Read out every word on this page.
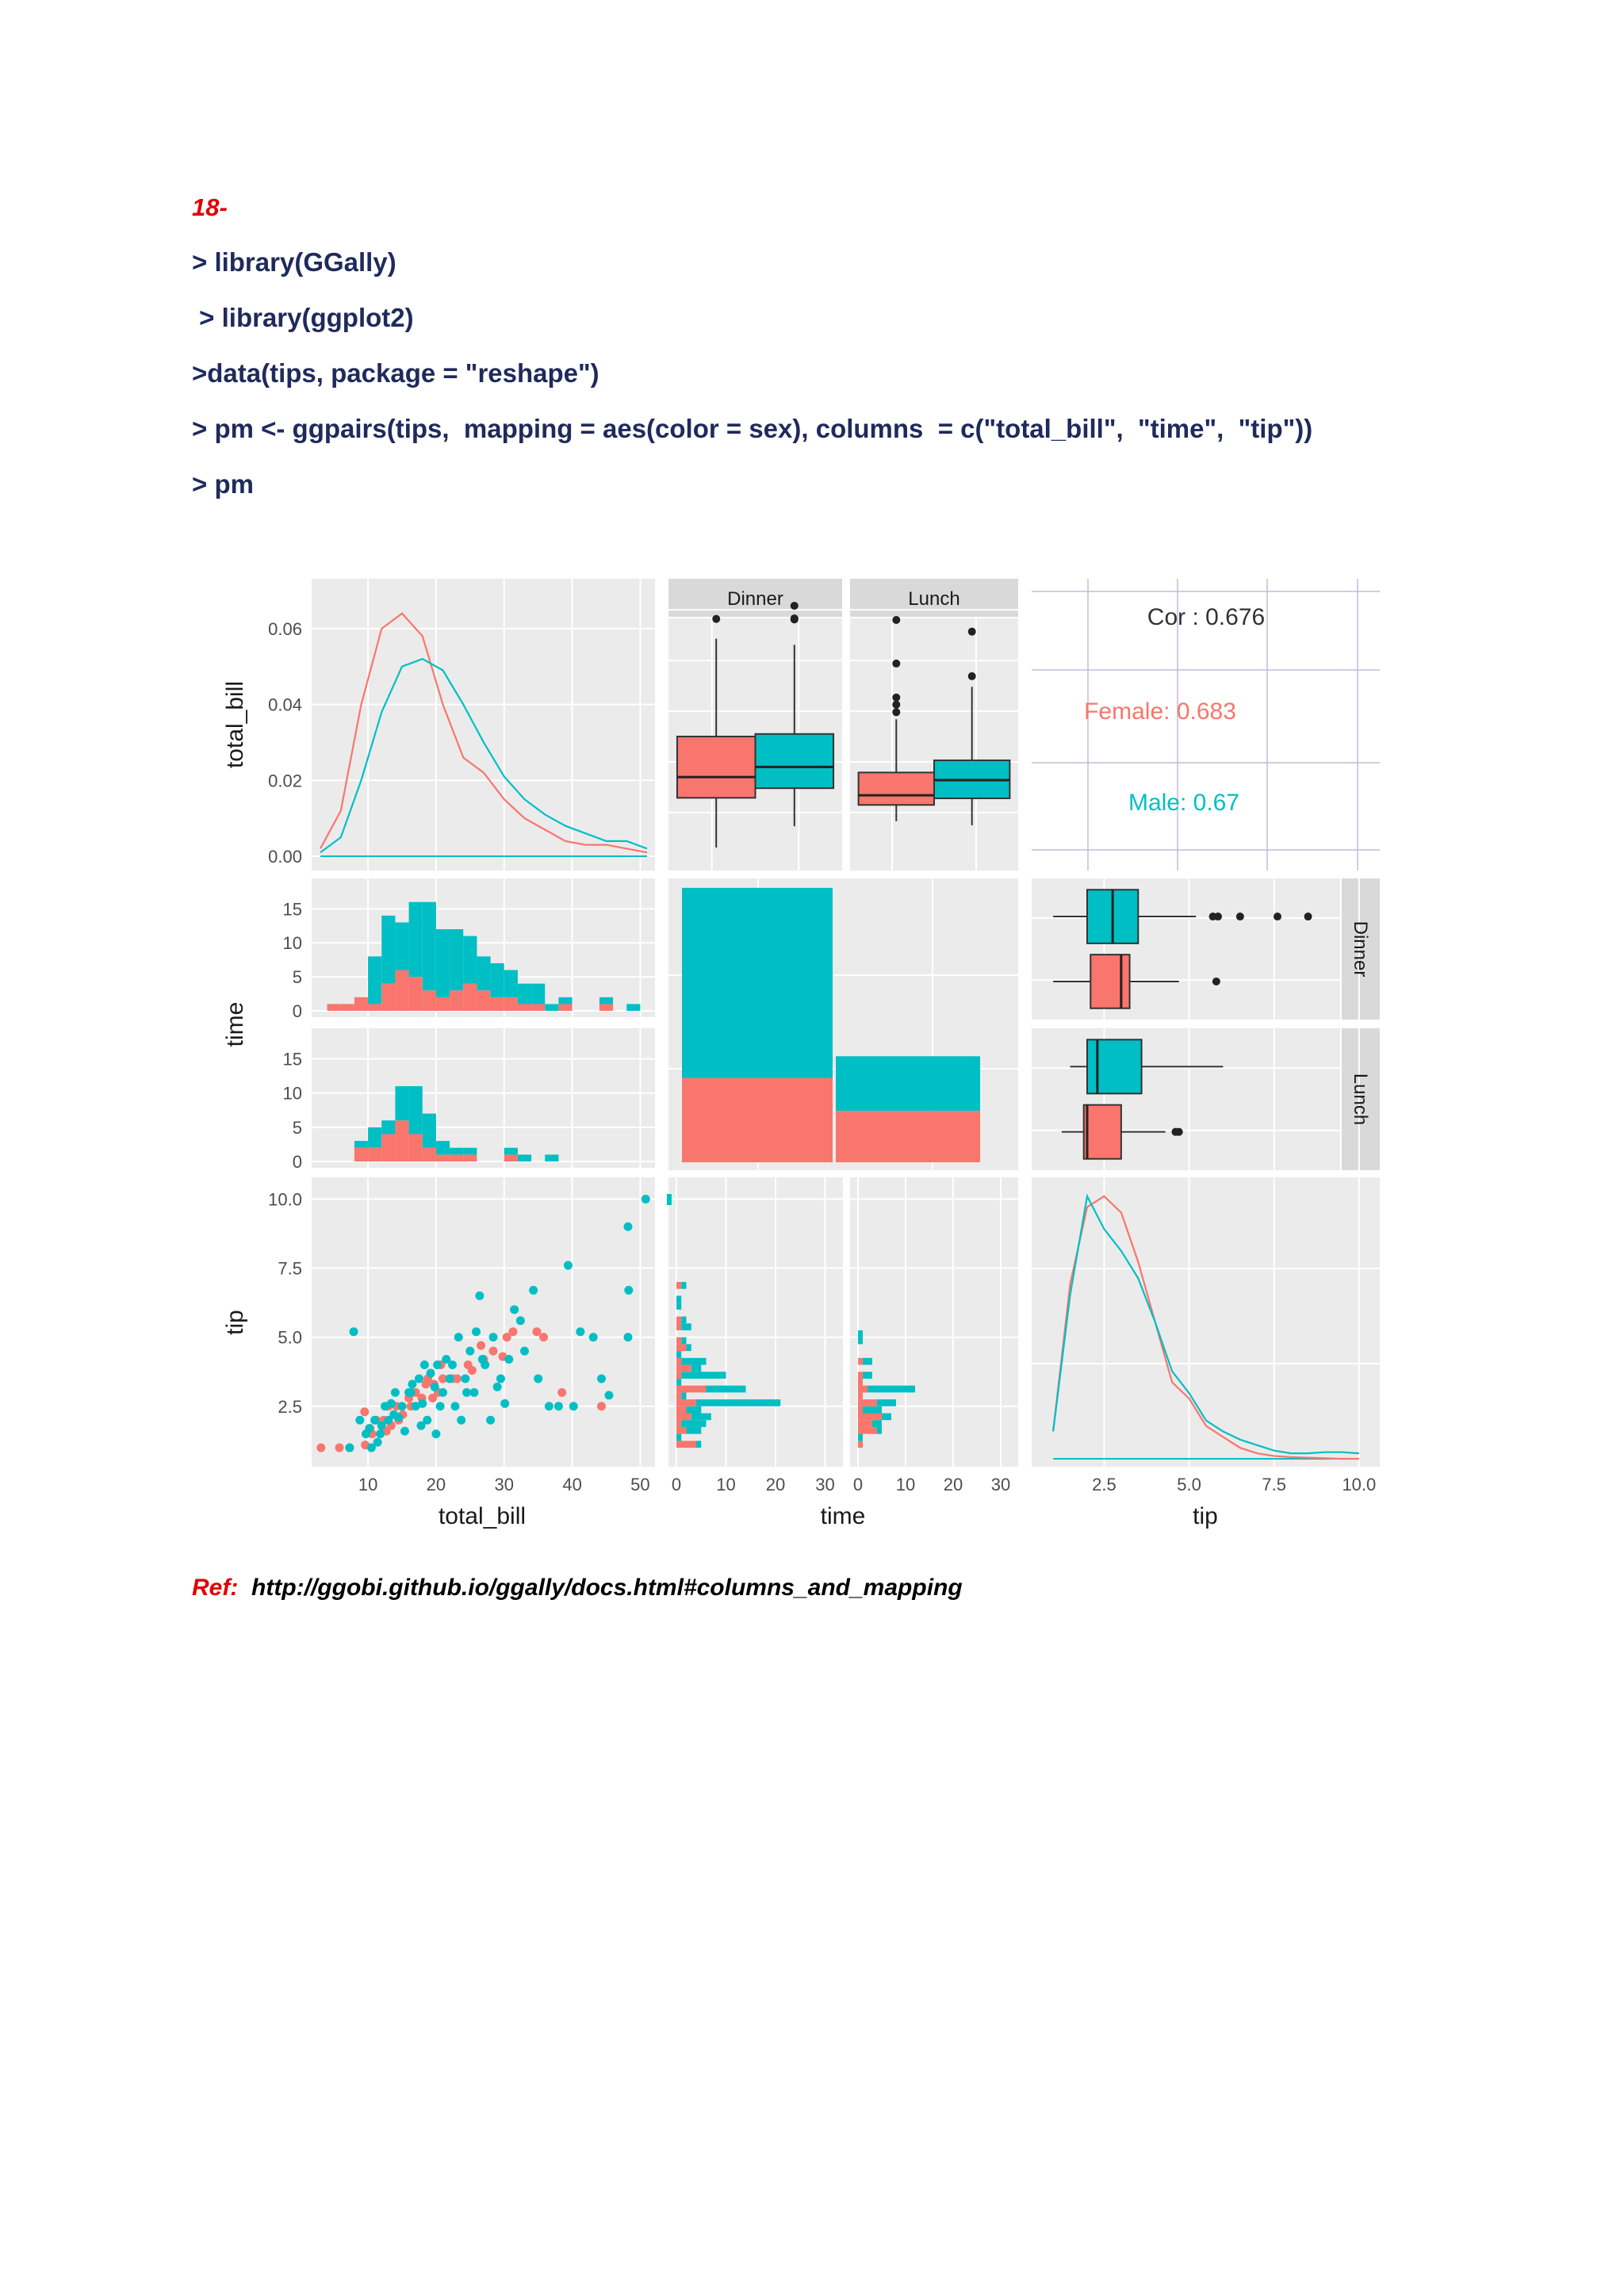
18-
> library(GGally)
> library(ggplot2)
>data(tips, package = "reshape")
> pm <- ggpairs(tips,  mapping = aes(color = sex), columns  = c("total_bill",  "time",  "tip"))
> pm
0.00
0.02
0.04
0.06
Dinner	Lunch
Cor : 0.676
Female: 0.683
Male: 0.67
0
5
10
15
0
5
10
15
Dinner
Lunch
2.5
5.0
7.5
10.0
10	20	30	40	50 0 10 20 30 0 10 20 30	2.5	5.0	7.5	10.0
total_bill	time	tip
total_bill
time
tip
Ref: http://ggobi.github.io/ggally/docs.html#columns_and_mapping
